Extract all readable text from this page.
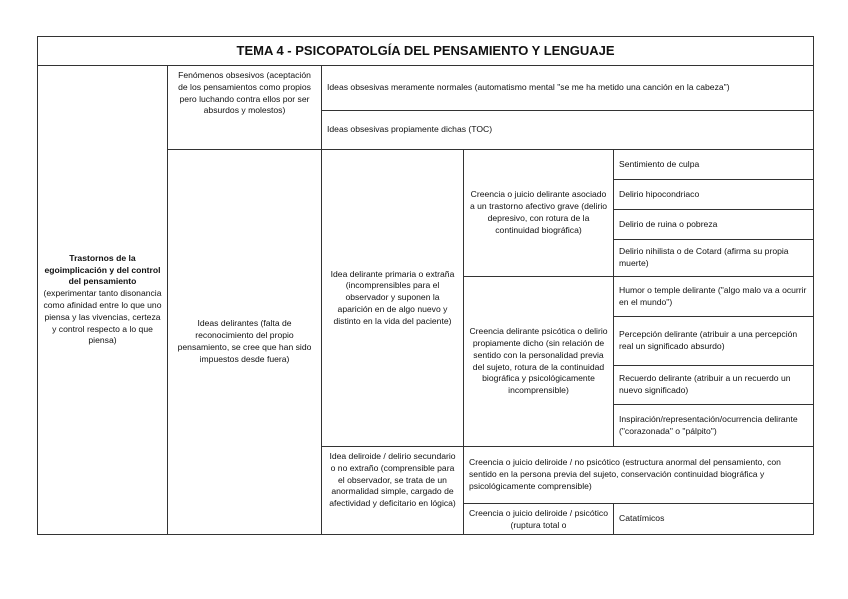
TEMA 4 - PSICOPATOLGÍA DEL PENSAMIENTO Y LENGUAJE				
Trastornos de la egoimplicación y del control del pensamiento
(experimentar tanto disonancia como afinidad entre lo que uno piensa y las vivencias, certeza y control respecto a lo que piensa)	Fenómenos obsesivos (aceptación de los pensamientos como propios pero luchando contra ellos por ser absurdos y molestos)	Ideas obsesivas meramente normales (automatismo mental "se me ha metido una canción en la cabeza")		
		Ideas obsesivas propiamente dichas (TOC)		
	Ideas delirantes (falta de reconocimiento del propio pensamiento, se cree que han sido impuestos desde fuera)	Idea delirante primaria o extraña (incomprensibles para el observador y suponen la aparición en de algo nuevo y distinto en la vida del paciente)	Creencia o juicio delirante asociado a un trastorno afectivo grave (delirio depresivo, con rotura de la continuidad biográfica)	Sentimiento de culpa
				Delirio hipocondriaco
				Delirio de ruina o pobreza
				Delirio nihilista o de Cotard (afirma su propia muerte)
			Creencia delirante psicótica o delirio propiamente dicho (sin relación de sentido con la personalidad previa del sujeto, rotura de la continuidad biográfica y psicológicamente incomprensible)	Humor o temple delirante ("algo malo va a ocurrir en el mundo")
				Percepción delirante (atribuir a una percepción real un significado absurdo)
				Recuerdo delirante (atribuir a un recuerdo un nuevo significado)
				Inspiración/representación/ocurrencia delirante ("corazonada" o "pálpito")
		Idea deliroide / delirio secundario o no extraño (comprensible para el observador, se trata de un anormalidad simple, cargado de afectividad y deficitario en lógica)	Creencia o juicio deliroide / no psicótico (estructura anormal del pensamiento, con sentido en la persona previa del sujeto, conservación continuidad biográfica y psicológicamente comprensible)	
			Creencia o juicio deliroide / psicótico (ruptura total o	Catatímicos
